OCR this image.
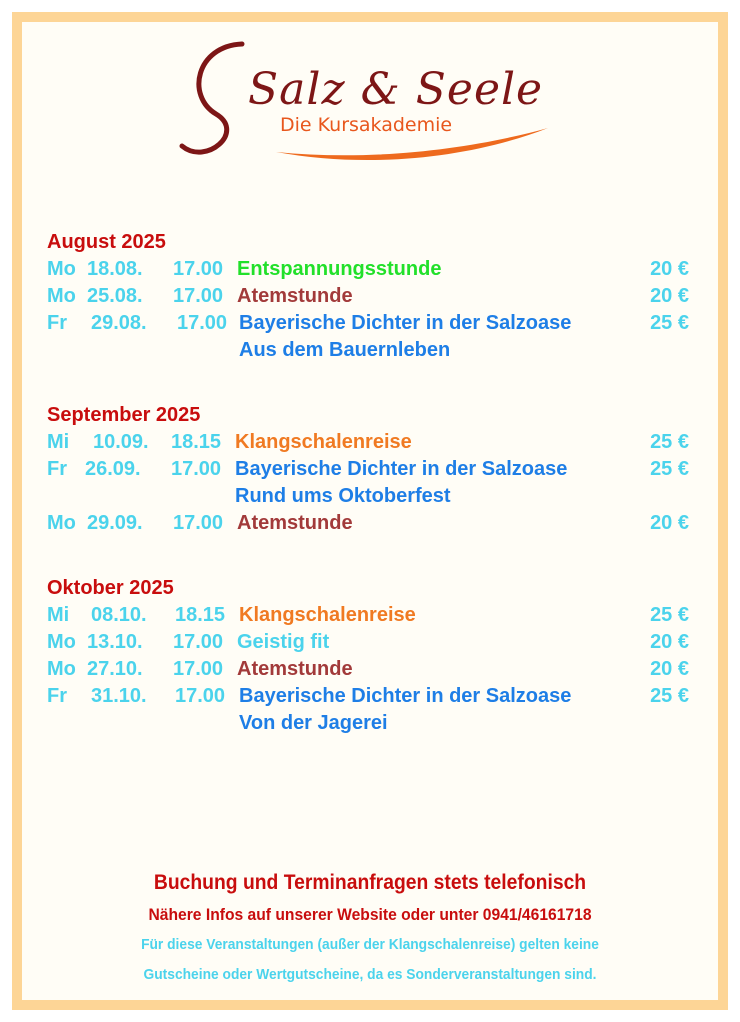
Salz & Seele
Die Kursakademie
August 2025
Mo 18.08. 17.00 Entspannungsstunde	20 €
Mo 25.08. 17.00 Atemstunde	20 €
Fr 29.08. 17.00 Bayerische Dichter in der Salzoase	25 €
Aus dem Bauernleben
September 2025
Mi 10.09. 18.15 Klangschalenreise	25 €
Fr 26.09. 17.00 Bayerische Dichter in der Salzoase	25 €
Rund ums Oktoberfest
Mo 29.09. 17.00 Atemstunde	20 €
Oktober 2025
Mi 08.10. 18.15 Klangschalenreise	25 €
Mo 13.10. 17.00 Geistig fit	20 €
Mo 27.10. 17.00 Atemstunde	20 €
Fr 31.10. 17.00 Bayerische Dichter in der Salzoase	25 €
Von der Jagerei
Buchung und Terminanfragen stets telefonisch
Nähere Infos auf unserer Website oder unter 0941/46161718
Für diese Veranstaltungen (außer der Klangschalenreise) gelten keine
Gutscheine oder Wertgutscheine, da es Sonderveranstaltungen sind.
